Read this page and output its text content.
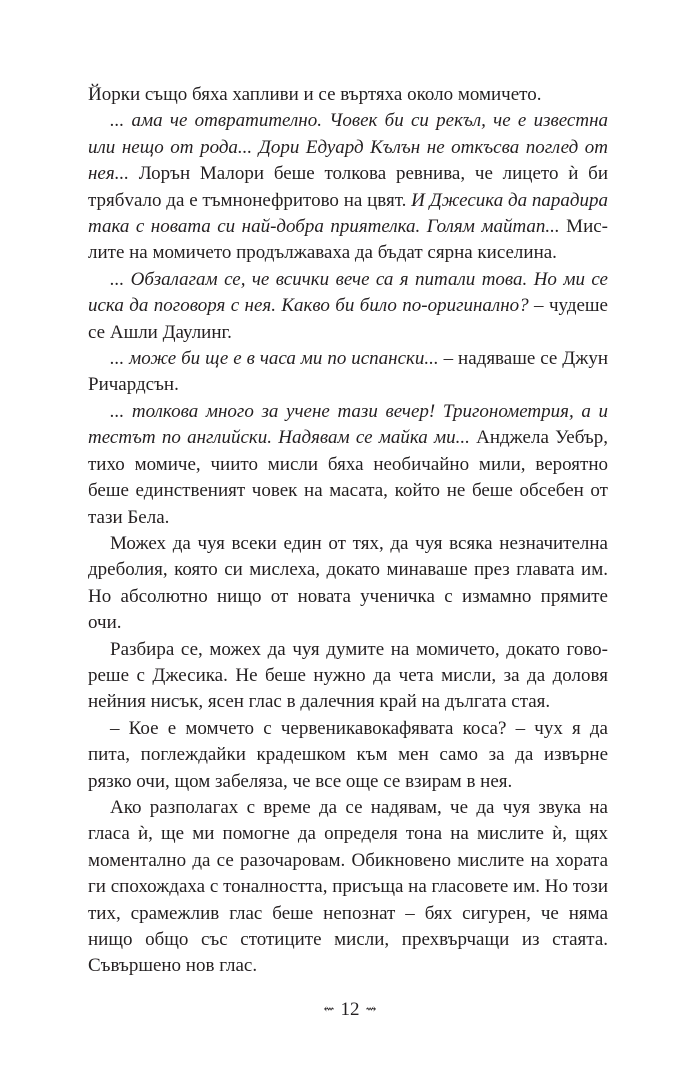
Йорки също бяха хапливи и се въртяха около момичето.

... ама че отвратително. Човек би си рекъл, че е известна или нещо от рода... Дори Едуард Кълън не откъсва поглед от нея... Лорън Малори беше толкова ревнива, че лицето ѝ би трябvало да е тъмнонефритово на цвят. И Джесика да парадира така с новата си най-добра приятелка. Голям майтап... Мислите на момичето продължаваха да бъдат сярна киселина.

... Обзалагам се, че всички вече са я питали това. Но ми се иска да поговоря с нея. Какво би било по-оригинално? – чудеше се Ашли Даулинг.

... може би ще е в часа ми по испански... – надяваше се Джун Ричардсън.

... толкова много за учене тази вечер! Тригонометрия, а и тестът по английски. Надявам се майка ми... Анджела Уебър, тихо момиче, чиито мисли бяха необичайно мили, вероятно беше единственият човек на масата, който не беше обсебен от тази Бела.

Можех да чуя всеки един от тях, да чуя всяка незначителна дреболия, която си мислеха, докато минаваше през главата им. Но абсолютно нищо от новата ученичка с измамно прямите очи.

Разбира се, можех да чуя думите на момичето, докато говореше с Джесика. Не беше нужно да чета мисли, за да доловя нейния нисък, ясен глас в далечния край на дългата стая.

– Кое е момчето с червеникавокафявата коса? – чух я да пита, поглеждайки крадешком към мен само за да извърне рязко очи, щом забеляза, че все още се взирам в нея.

Ако разполагах с време да се надявам, че да чуя звука на гласа ѝ, ще ми помогне да определя тона на мислите ѝ, щях моментално да се разочаровам. Обикновено мислите на хората ги спохождаха с тоналността, присъща на гласовете им. Но този тих, срамежлив глас беше непознат – бях сигурен, че няма нищо общо със стотиците мисли, прехвърчащи из стаята. Съвършено нов глас.

⇜ 12 ⇝
